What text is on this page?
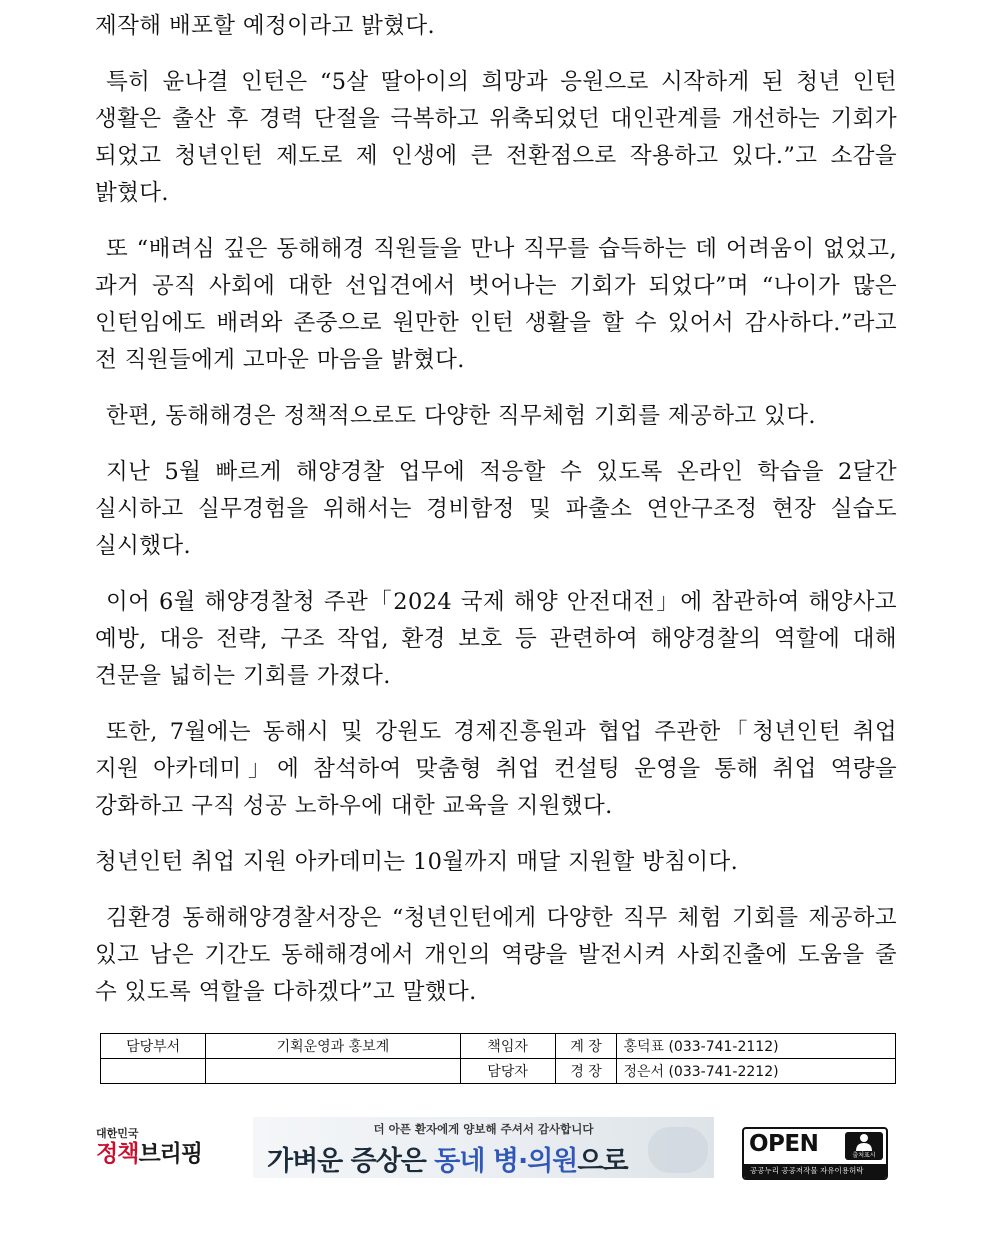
제작해 배포할 예정이라고 밝혔다.

특히 윤나결 인턴은 “5살 딸아이의 희망과 응원으로 시작하게 된 청년 인턴 생활은 출산 후 경력 단절을 극복하고 위축되었던 대인관계를 개선하는 기회가 되었고 청년인턴 제도로 제 인생에 큰 전환점으로 작용하고 있다.”고 소감을 밝혔다.

또 “배려심 깊은 동해해경 직원들을 만나 직무를 습득하는 데 어려움이 없었고, 과거 공직 사회에 대한 선입견에서 벗어나는 기회가 되었다”며 “나이가 많은 인턴임에도 배려와 존중으로 원만한 인턴 생활을 할 수 있어서 감사하다.”라고 전 직원들에게 고마운 마음을 밝혔다.

한편, 동해해경은 정책적으로도 다양한 직무체험 기회를 제공하고 있다.

지난 5월 빠르게 해양경찰 업무에 적응할 수 있도록 온라인 학습을 2달간 실시하고 실무경험을 위해서는 경비함정 및 파출소 연안구조정 현장 실습도 실시했다.

이어 6월 해양경찰청 주관「2024 국제 해양 안전대전」에 참관하여 해양사고 예방, 대응 전략, 구조 작업, 환경 보호 등 관련하여 해양경찰의 역할에 대해 견문을 넓히는 기회를 가졌다.

또한, 7월에는 동해시 및 강원도 경제진흥원과 협업 주관한「청년인턴 취업 지원 아카데미」에 참석하여 맞춤형 취업 컨설팅 운영을 통해 취업 역량을 강화하고 구직 성공 노하우에 대한 교육을 지원했다.

청년인턴 취업 지원 아카데미는 10월까지 매달 지원할 방침이다.

김환경 동해해양경찰서장은 “청년인턴에게 다양한 직무 체험 기회를 제공하고 있고 남은 기간도 동해해경에서 개인의 역량을 발전시켜 사회진출에 도움을 줄 수 있도록 역할을 다하겠다”고 말했다.

담당부서	기획운영과 홍보계	책임자	계 장	홍덕표 (033-741-2112)
		담당자	경 장	정은서 (033-741-2212)
대한민국
정책브리핑
더 아픈 환자에게 양보해 주셔서 감사합니다
가벼운 증상은 동네 병·의원으로
OPEN	출처표시
공공누리 공공저작물 자유이용허락
